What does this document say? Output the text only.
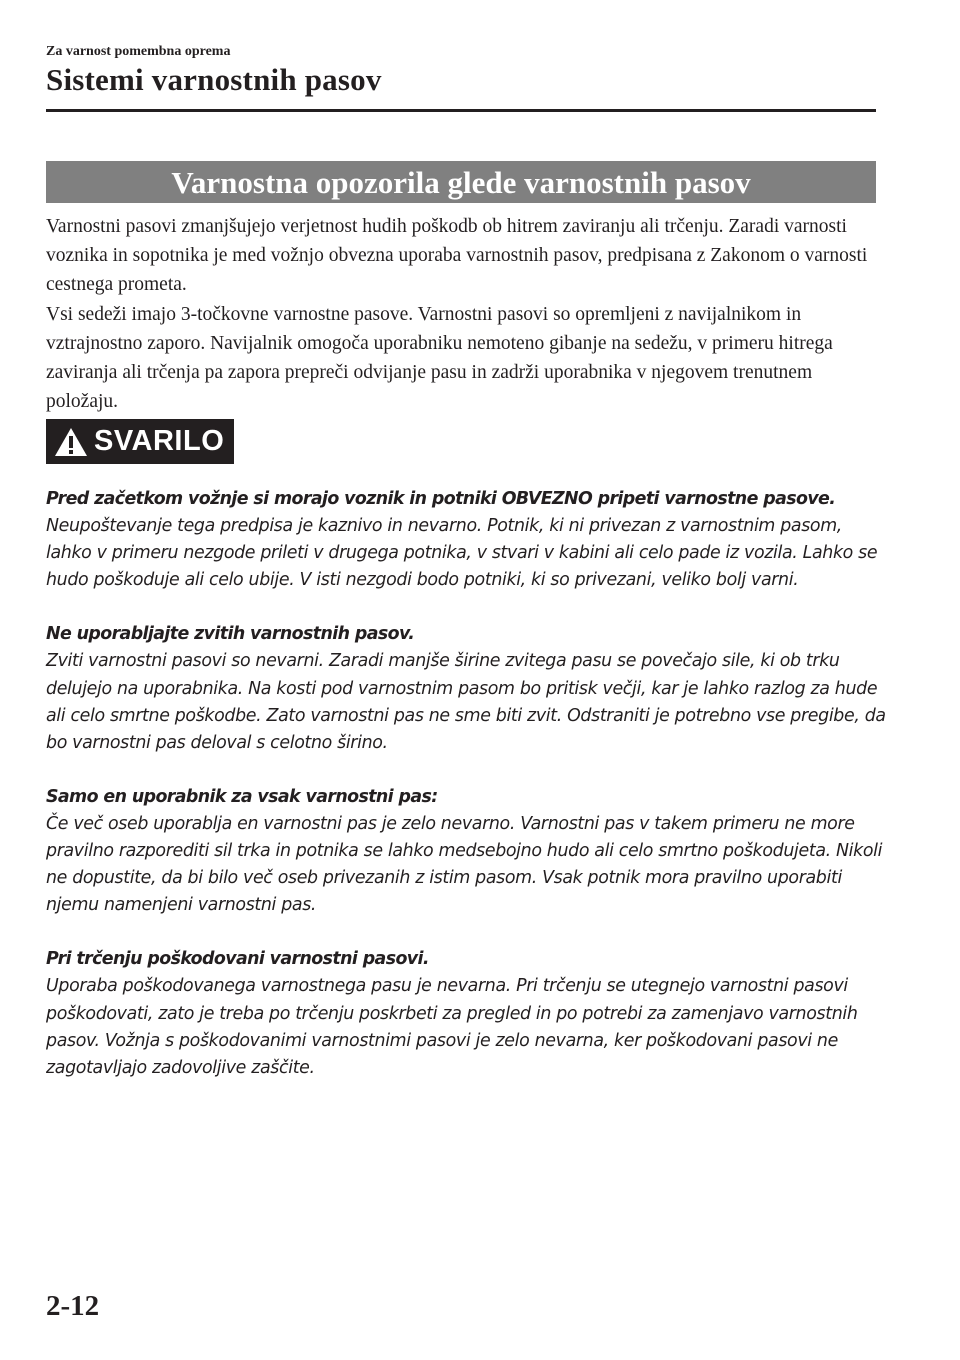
Za varnost pomembna oprema
Sistemi varnostnih pasov
Varnostna opozorila glede varnostnih pasov

Varnostni pasovi zmanjšujejo verjetnost hudih poškodb ob hitrem zaviranju ali trčenju. Zaradi varnosti voznika in sopotnika je med vožnjo obvezna uporaba varnostnih pasov, predpisana z Zakonom o varnosti cestnega prometa.

Vsi sedeži imajo 3-točkovne varnostne pasove. Varnostni pasovi so opremljeni z navijalnikom in vztrajnostno zaporo. Navijalnik omogoča uporabniku nemoteno gibanje na sedežu, v primeru hitrega zaviranja ali trčenja pa zapora prepreči odvijanje pasu in zadrži uporabnika v njegovem trenutnem položaju.

SVARILO
Pred začetkom vožnje si morajo voznik in potniki OBVEZNO pripeti varnostne pasove.
Neupoštevanje tega predpisa je kaznivo in nevarno. Potnik, ki ni privezan z varnostnim pasom, lahko v primeru nezgode prileti v drugega potnika, v stvari v kabini ali celo pade iz vozila. Lahko se hudo poškoduje ali celo ubije. V isti nezgodi bodo potniki, ki so privezani, veliko bolj varni.
Ne uporabljajte zvitih varnostnih pasov.
Zviti varnostni pasovi so nevarni. Zaradi manjše širine zvitega pasu se povečajo sile, ki ob trku delujejo na uporabnika. Na kosti pod varnostnim pasom bo pritisk večji, kar je lahko razlog za hude ali celo smrtne poškodbe. Zato varnostni pas ne sme biti zvit. Odstraniti je potrebno vse pregibe, da bo varnostni pas deloval s celotno širino.
Samo en uporabnik za vsak varnostni pas:
Če več oseb uporablja en varnostni pas je zelo nevarno. Varnostni pas v takem primeru ne more pravilno razporediti sil trka in potnika se lahko medsebojno hudo ali celo smrtno poškodujeta. Nikoli ne dopustite, da bi bilo več oseb privezanih z istim pasom. Vsak potnik mora pravilno uporabiti njemu namenjeni varnostni pas.
Pri trčenju poškodovani varnostni pasovi.
Uporaba poškodovanega varnostnega pasu je nevarna. Pri trčenju se utegnejo varnostni pasovi poškodovati, zato je treba po trčenju poskrbeti za pregled in po potrebi za zamenjavo varnostnih pasov. Vožnja s poškodovanimi varnostnimi pasovi je zelo nevarna, ker poškodovani pasovi ne zagotavljajo zadovoljive zaščite.
2-12
